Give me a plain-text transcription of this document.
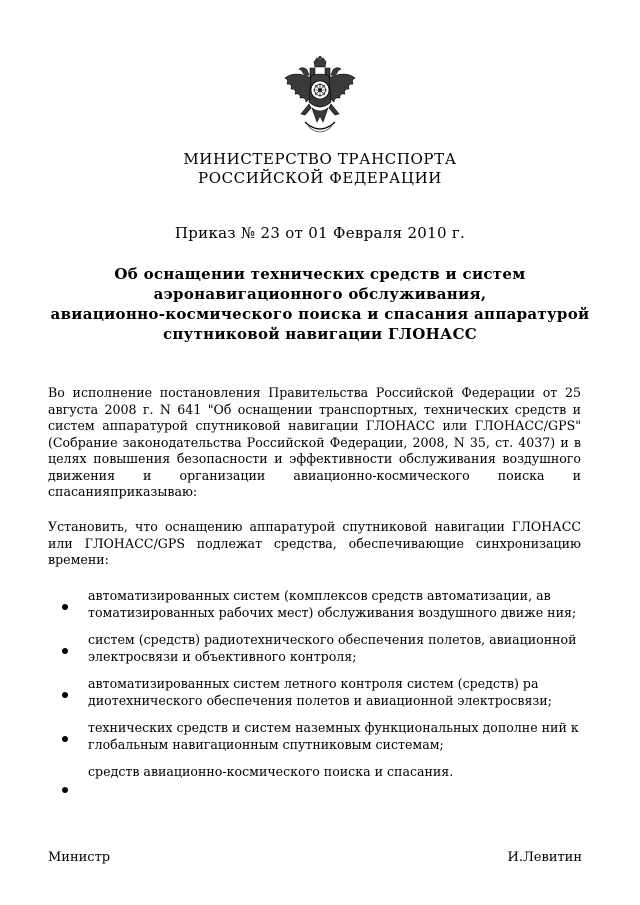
МИНИСТЕРСТВО ТРАНСПОРТА
РОССИЙСКОЙ ФЕДЕРАЦИИ
Приказ № 23 от 01 Февраля 2010 г.
Об оснащении технических средств и систем
аэронавигационного обслуживания,
авиационно-космического поиска и спасания аппаратурой
спутниковой навигации ГЛОНАСС

Во исполнение постановления Правительства Российской Федерации от 25 августа 2008 г. N 641 "Об оснащении транспортных, технических средств и систем аппаратурой спутниковой навигации ГЛОНАСС или ГЛОНАСС/GPS" (Собрание законодательства Российской Федерации, 2008, N 35, ст. 4037) и в целях повышения безопасности и эффективности обслуживания воздушного движения и организации авиационно-космического поиска и спасанияприказываю:

Установить, что оснащению аппаратурой спутниковой навигации ГЛОНАСС или ГЛОНАСС/GPS подлежат средства, обеспечивающие синхронизацию времени:

автоматизированных систем (комплексов средств автоматизации, ав томатизированных рабочих мест) обслуживания воздушного движе ния;
систем (средств) радиотехнического обеспечения полетов, авиационной электросвязи и объективного контроля;
автоматизированных систем летного контроля систем (средств) ра диотехнического обеспечения полетов и авиационной электросвязи;
технических средств и систем наземных функциональных дополне ний к глобальным навигационным спутниковым системам;
средств авиационно-космического поиска и спасания.
Министр	И.Левитин
